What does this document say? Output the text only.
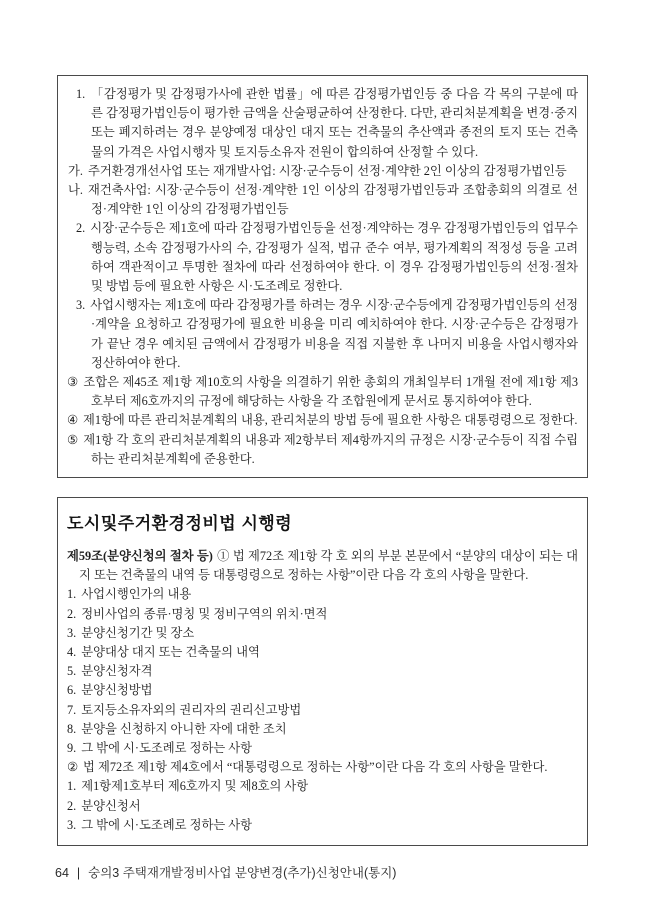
1. 「감정평가 및 감정평가사에 관한 법률」에 따른 감정평가법인등 중 다음 각 목의 구분에 따른 감정평가법인등이 평가한 금액을 산술평균하여 산정한다. 다만, 관리처분계획을 변경·중지 또는 폐지하려는 경우 분양예정 대상인 대지 또는 건축물의 추산액과 종전의 토지 또는 건축물의 가격은 사업시행자 및 토지등소유자 전원이 합의하여 산정할 수 있다.

가. 주거환경개선사업 또는 재개발사업: 시장·군수등이 선정·계약한 2인 이상의 감정평가법인등

나. 재건축사업: 시장·군수등이 선정·계약한 1인 이상의 감정평가법인등과 조합총회의 의결로 선정·계약한 1인 이상의 감정평가법인등

2. 시장·군수등은 제1호에 따라 감정평가법인등을 선정·계약하는 경우 감정평가법인등의 업무수행능력, 소속 감정평가사의 수, 감정평가 실적, 법규 준수 여부, 평가계획의 적정성 등을 고려하여 객관적이고 투명한 절차에 따라 선정하여야 한다. 이 경우 감정평가법인등의 선정·절차 및 방법 등에 필요한 사항은 시·도조례로 정한다.

3. 사업시행자는 제1호에 따라 감정평가를 하려는 경우 시장·군수등에게 감정평가법인등의 선정·계약을 요청하고 감정평가에 필요한 비용을 미리 예치하여야 한다. 시장·군수등은 감정평가가 끝난 경우 예치된 금액에서 감정평가 비용을 직접 지불한 후 나머지 비용을 사업시행자와 정산하여야 한다.

③ 조합은 제45조 제1항 제10호의 사항을 의결하기 위한 총회의 개최일부터 1개월 전에 제1항 제3호부터 제6호까지의 규정에 해당하는 사항을 각 조합원에게 문서로 통지하여야 한다.

④ 제1항에 따른 관리처분계획의 내용, 관리처분의 방법 등에 필요한 사항은 대통령령으로 정한다.

⑤ 제1항 각 호의 관리처분계획의 내용과 제2항부터 제4항까지의 규정은 시장·군수등이 직접 수립하는 관리처분계획에 준용한다.

도시및주거환경정비법 시행령

제59조(분양신청의 절차 등) ① 법 제72조 제1항 각 호 외의 부분 본문에서 “분양의 대상이 되는 대지 또는 건축물의 내역 등 대통령령으로 정하는 사항”이란 다음 각 호의 사항을 말한다.

1. 사업시행인가의 내용

2. 정비사업의 종류·명칭 및 정비구역의 위치·면적

3. 분양신청기간 및 장소

4. 분양대상 대지 또는 건축물의 내역

5. 분양신청자격

6. 분양신청방법

7. 토지등소유자외의 권리자의 권리신고방법

8. 분양을 신청하지 아니한 자에 대한 조치

9. 그 밖에 시·도조례로 정하는 사항

② 법 제72조 제1항 제4호에서 “대통령령으로 정하는 사항”이란 다음 각 호의 사항을 말한다.

1. 제1항제1호부터 제6호까지 및 제8호의 사항

2. 분양신청서

3. 그 밖에 시·도조례로 정하는 사항

64 | 숭의3 주택재개발정비사업 분양변경(추가)신청안내(통지)
